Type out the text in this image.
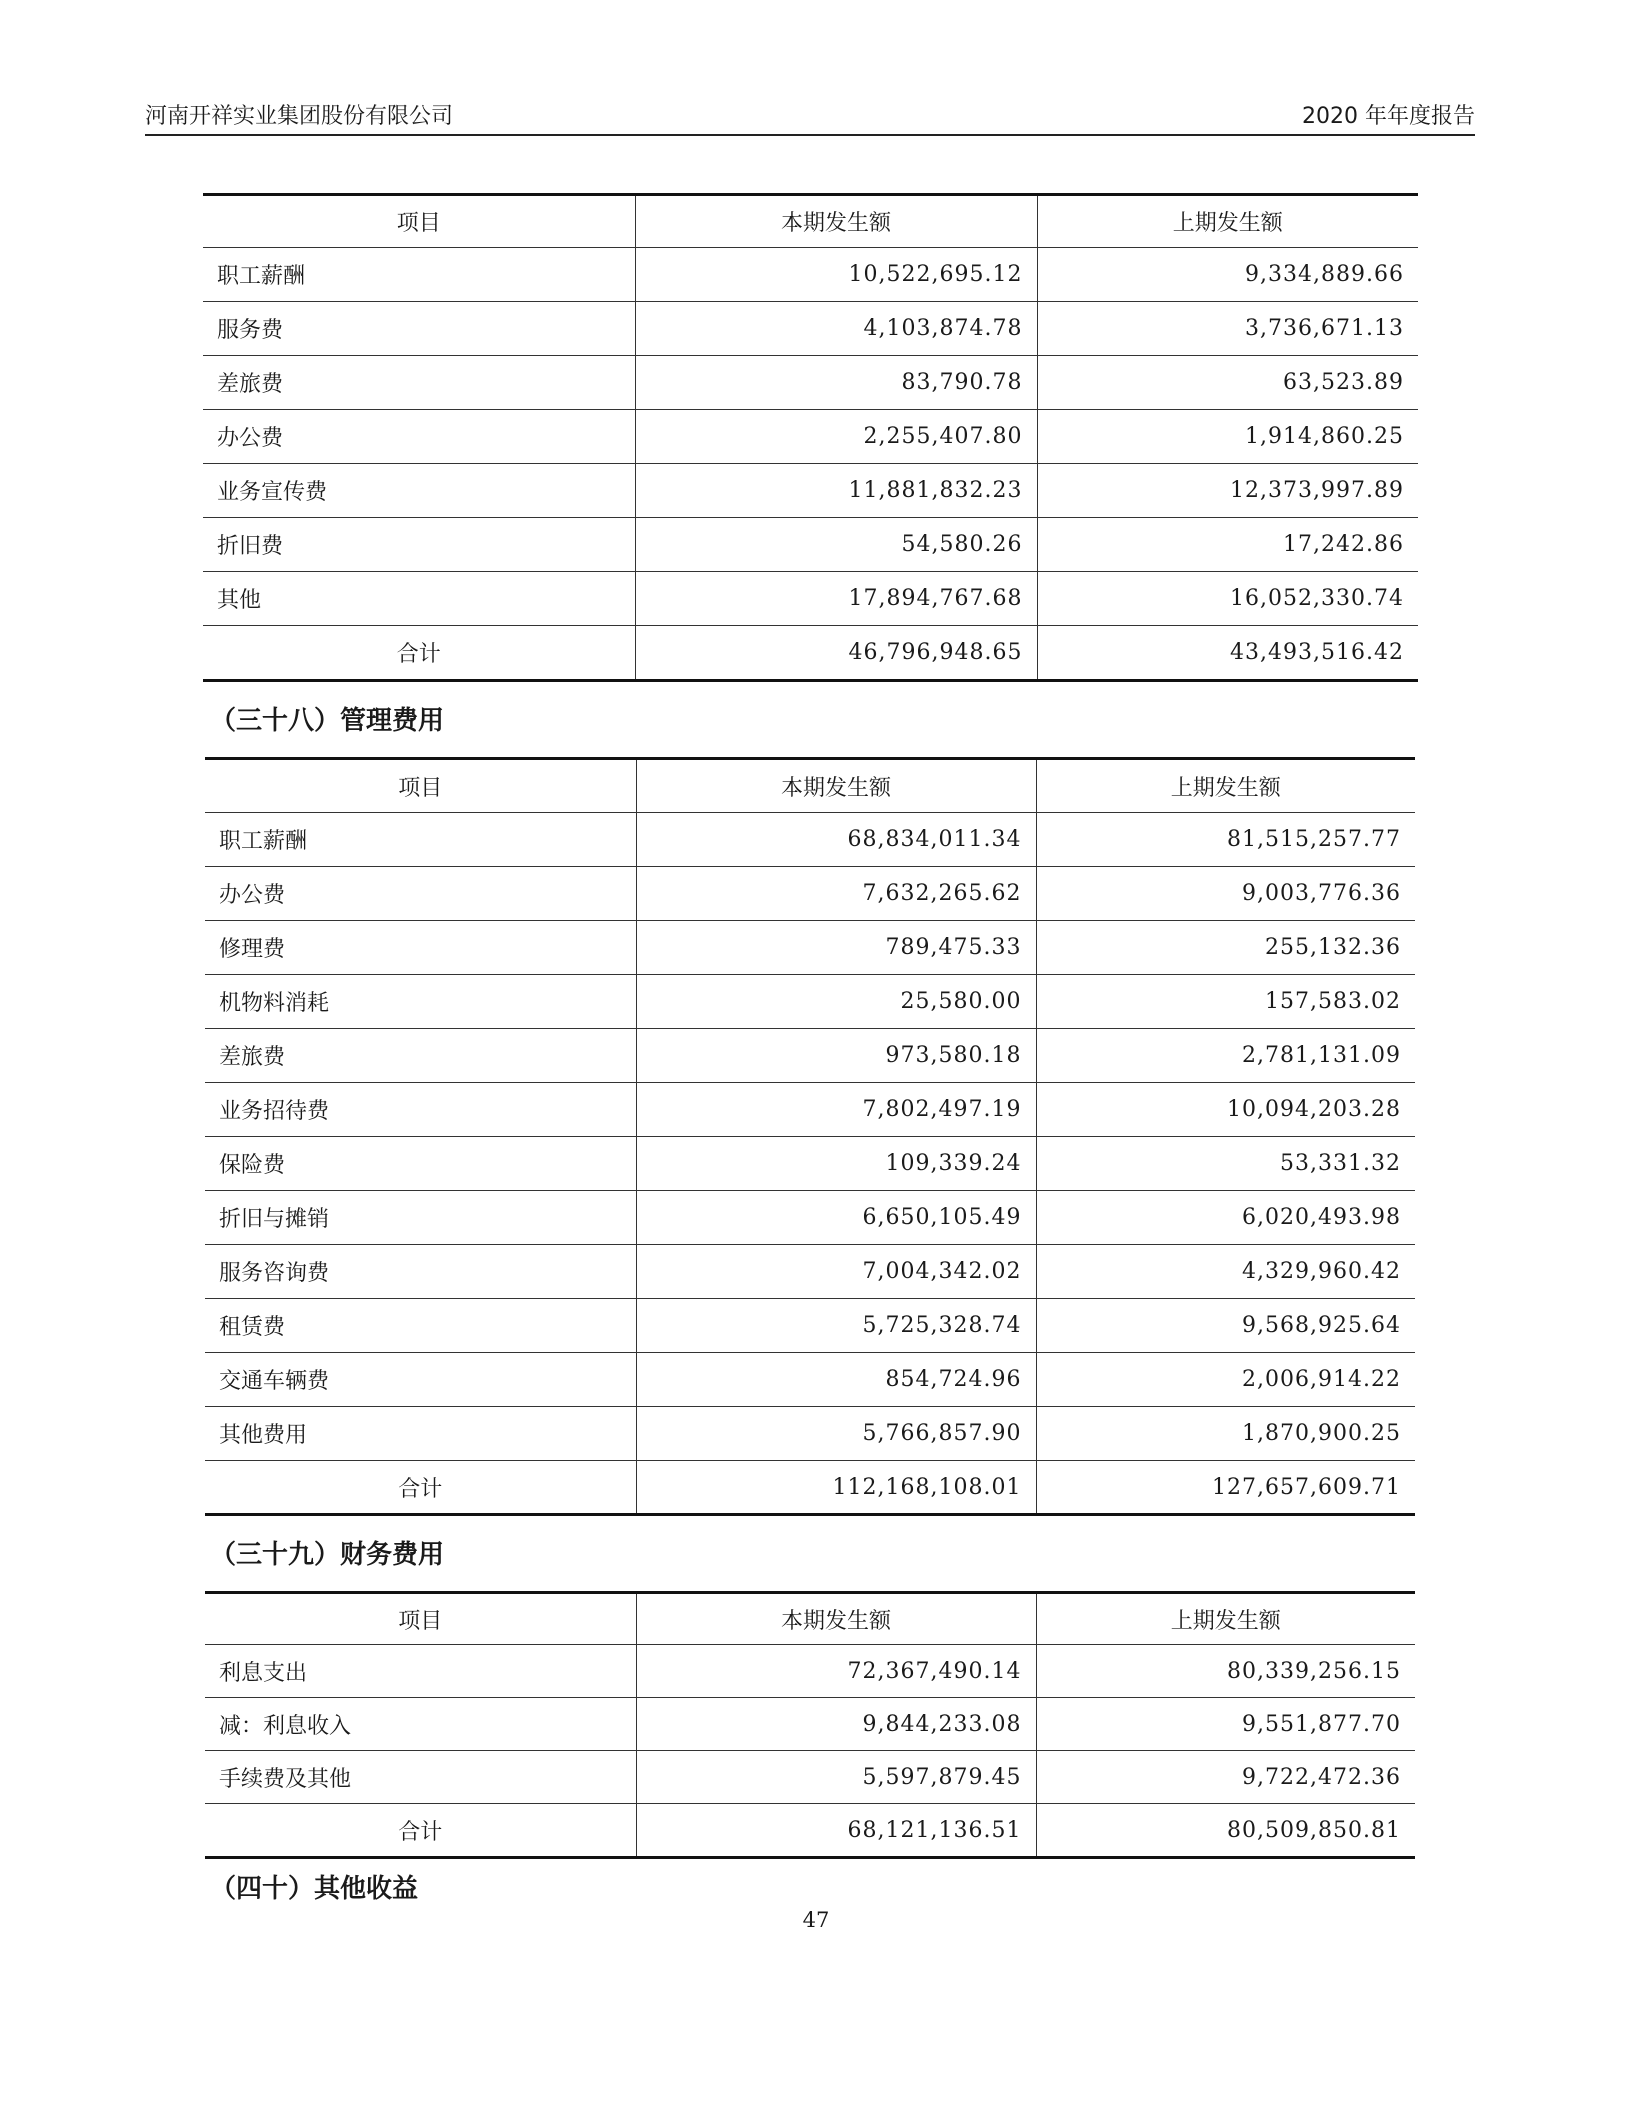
河南开祥实业集团股份有限公司	2020 年年度报告
项目	本期发生额	上期发生额
职工薪酬	10,522,695.12	9,334,889.66
服务费	4,103,874.78	3,736,671.13
差旅费	83,790.78	63,523.89
办公费	2,255,407.80	1,914,860.25
业务宣传费	11,881,832.23	12,373,997.89
折旧费	54,580.26	17,242.86
其他	17,894,767.68	16,052,330.74
合计	46,796,948.65	43,493,516.42
（三十八）管理费用
项目	本期发生额	上期发生额
职工薪酬	68,834,011.34	81,515,257.77
办公费	7,632,265.62	9,003,776.36
修理费	789,475.33	255,132.36
机物料消耗	25,580.00	157,583.02
差旅费	973,580.18	2,781,131.09
业务招待费	7,802,497.19	10,094,203.28
保险费	109,339.24	53,331.32
折旧与摊销	6,650,105.49	6,020,493.98
服务咨询费	7,004,342.02	4,329,960.42
租赁费	5,725,328.74	9,568,925.64
交通车辆费	854,724.96	2,006,914.22
其他费用	5,766,857.90	1,870,900.25
合计	112,168,108.01	127,657,609.71
（三十九）财务费用
项目	本期发生额	上期发生额
利息支出	72,367,490.14	80,339,256.15
减：利息收入	9,844,233.08	9,551,877.70
手续费及其他	5,597,879.45	9,722,472.36
合计	68,121,136.51	80,509,850.81
（四十）其他收益
47
